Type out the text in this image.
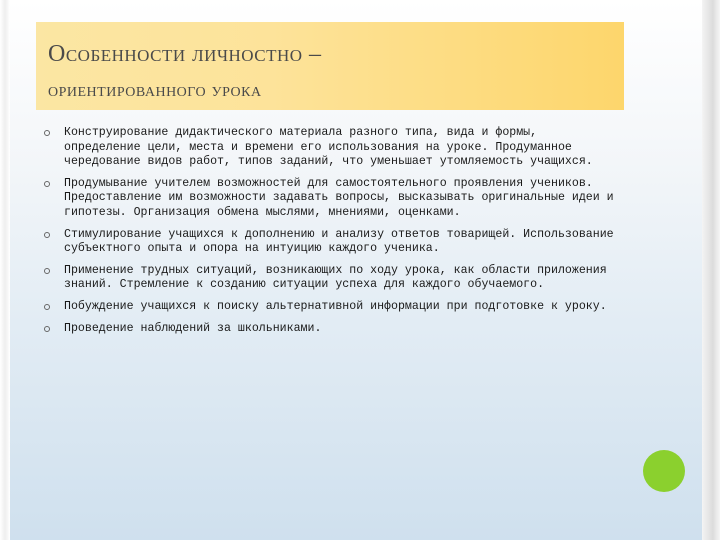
Особенности личностно –
ориентированного урока
Конструирование дидактического материала разного типа, вида и формы, определение цели, места и времени его использования на уроке. Продуманное чередование видов работ, типов заданий, что уменьшает утомляемость учащихся.
Продумывание учителем возможностей для самостоятельного проявления учеников. Предоставление им возможности задавать вопросы, высказывать оригинальные идеи и гипотезы. Организация обмена мыслями, мнениями, оценками.
Стимулирование учащихся к дополнению и анализу ответов товарищей. Использование субъектного опыта и опора на интуицию каждого ученика.
Применение трудных ситуаций, возникающих по ходу урока, как области приложения знаний. Стремление к созданию ситуации успеха для каждого обучаемого.
Побуждение учащихся к поиску альтернативной информации при подготовке к уроку.
Проведение наблюдений за школьниками.
